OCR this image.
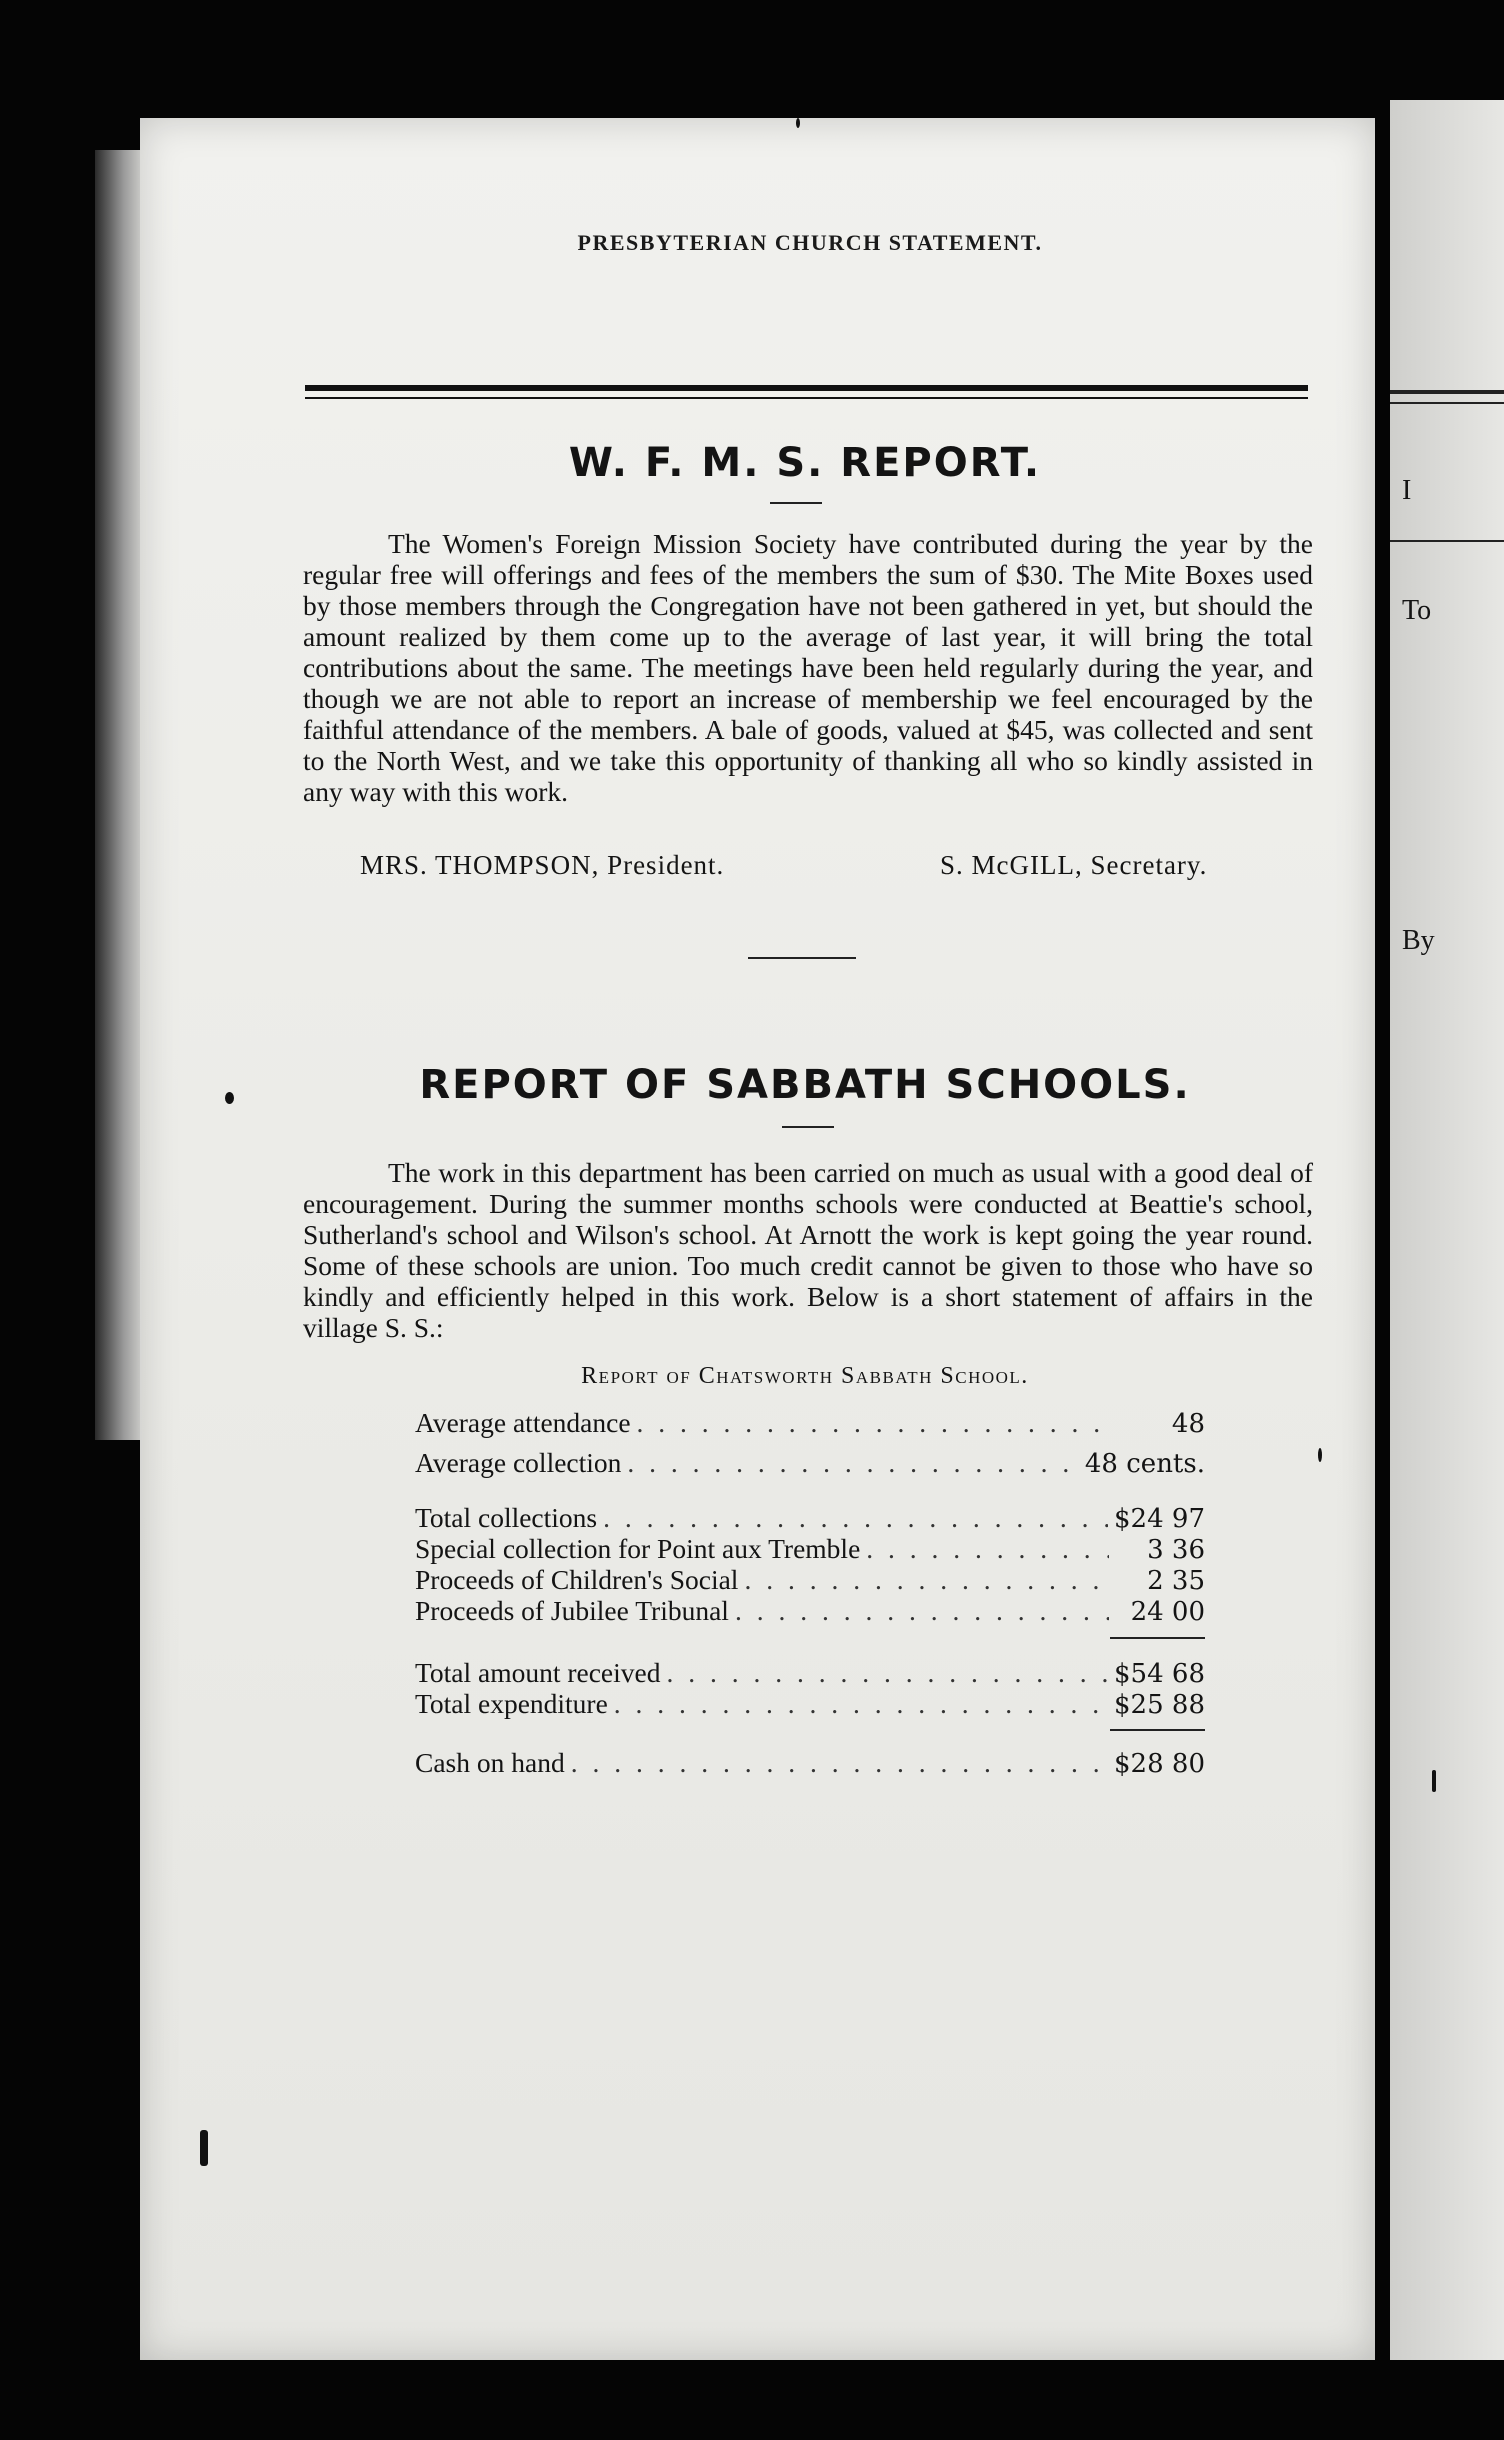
I
To
By
PRESBYTERIAN CHURCH STATEMENT.
W. F. M. S. REPORT.
The Women's Foreign Mission Society have contributed during the year by the regular free will offerings and fees of the members the sum of $30. The Mite Boxes used by those members through the Congregation have not been gathered in yet, but should the amount realized by them come up to the average of last year, it will bring the total contributions about the same. The meetings have been held regularly during the year, and though we are not able to report an increase of membership we feel encouraged by the faithful attendance of the members. A bale of goods, valued at $45, was collected and sent to the North West, and we take this opportunity of thanking all who so kindly assisted in any way with this work.
MRS. THOMPSON, President.	S. McGILL, Secretary.
REPORT OF SABBATH SCHOOLS.
The work in this department has been carried on much as usual with a good deal of encouragement. During the summer months schools were conducted at Beattie's school, Sutherland's school and Wilson's school. At Arnott the work is kept going the year round. Some of these schools are union. Too much credit cannot be given to those who have so kindly and efficiently helped in this work. Below is a short statement of affairs in the village S. S.:
Report of Chatsworth Sabbath School.
Average attendance . . .	48
Average collection . . .	48 cents.
Total collections . . .	$24 97
Special collection for Point aux Tremble . . .	3 36
Proceeds of Children's Social . . .	2 35
Proceeds of Jubilee Tribunal . . .	24 00
Total amount received . . .	$54 68
Total expenditure . . .	$25 88
Cash on hand . . .	$28 80
